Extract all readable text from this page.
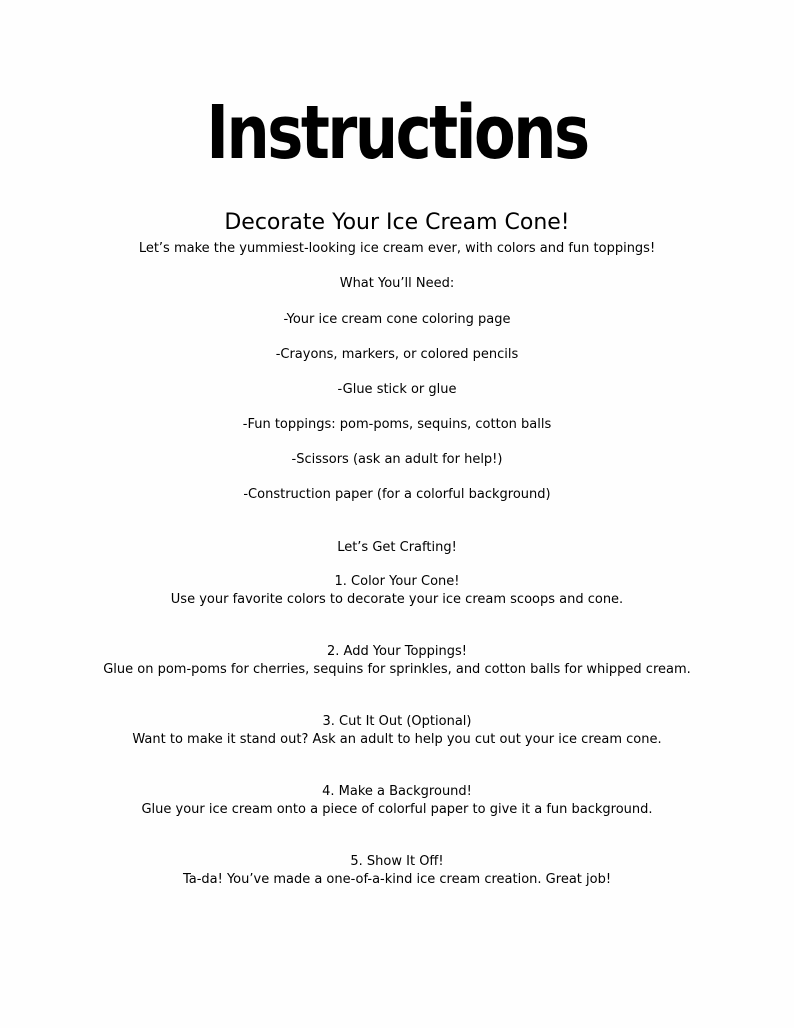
Instructions
Decorate Your Ice Cream Cone!
Let’s make the yummiest-looking ice cream ever, with colors and fun toppings!
What You’ll Need:
-Your ice cream cone coloring page
-Crayons, markers, or colored pencils
-Glue stick or glue
-Fun toppings: pom-poms, sequins, cotton balls
-Scissors (ask an adult for help!)
-Construction paper (for a colorful background)
Let’s Get Crafting!
1. Color Your Cone!
Use your favorite colors to decorate your ice cream scoops and cone.
2. Add Your Toppings!
Glue on pom-poms for cherries, sequins for sprinkles, and cotton balls for whipped cream.
3. Cut It Out (Optional)
Want to make it stand out? Ask an adult to help you cut out your ice cream cone.
4. Make a Background!
Glue your ice cream onto a piece of colorful paper to give it a fun background.
5. Show It Off!
Ta-da! You’ve made a one-of-a-kind ice cream creation. Great job!
